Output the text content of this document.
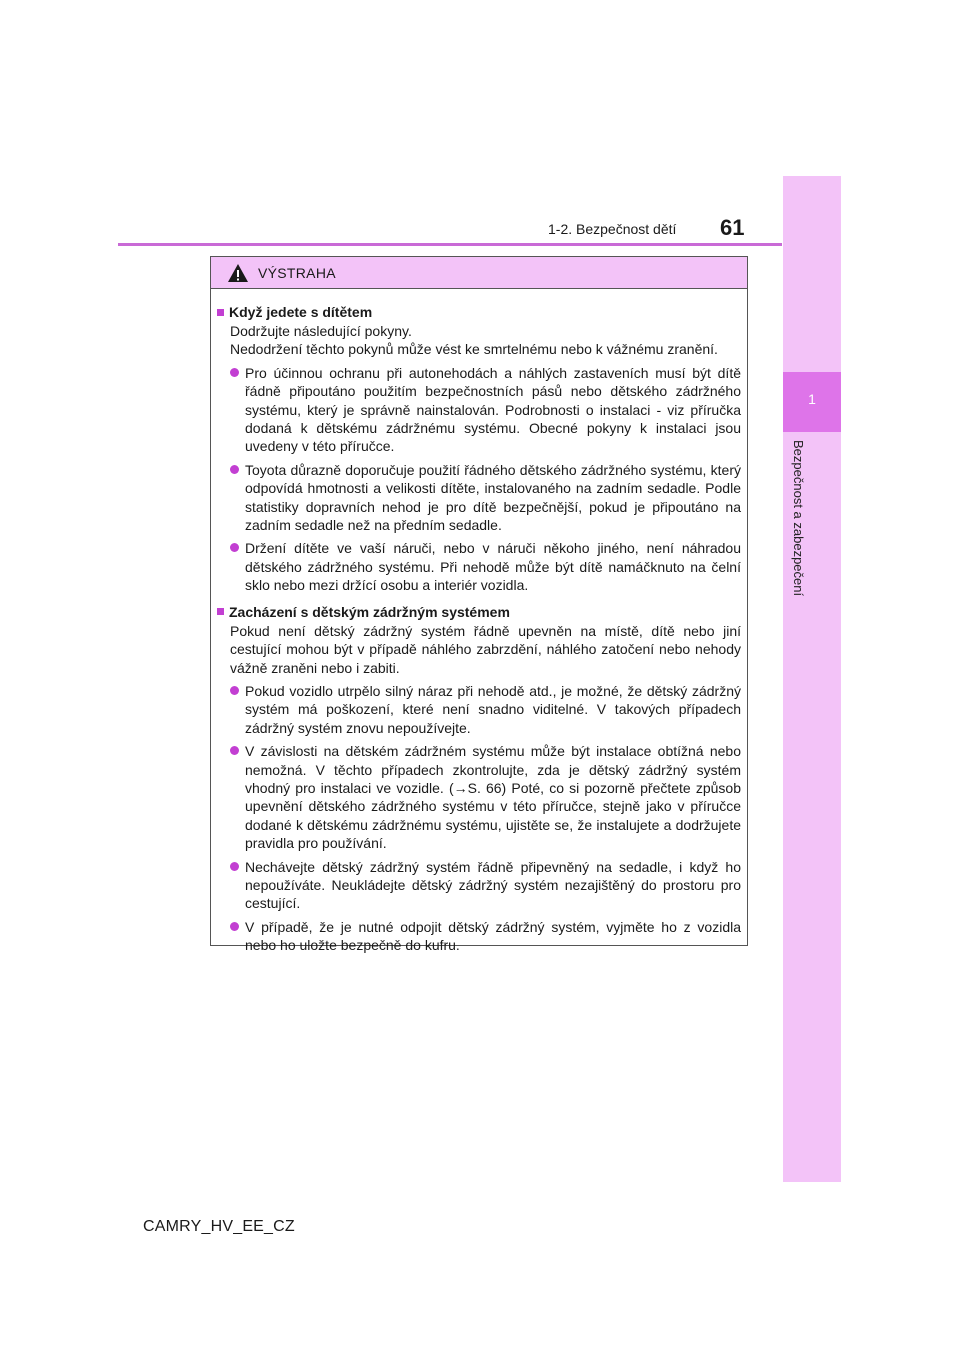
1-2. Bezpečnost dětí 61
1
Bezpečnost a zabezpečení
VÝSTRAHA
Když jedete s dítětem
Dodržujte následující pokyny.
Nedodržení těchto pokynů může vést ke smrtelnému nebo k vážnému zranění.
Pro účinnou ochranu při autonehodách a náhlých zastaveních musí být dítě řádně připoutáno použitím bezpečnostních pásů nebo dětského zádržného systému, který je správně nainstalován. Podrobnosti o instalaci - viz příručka dodaná k dětskému zádržnému systému. Obecné pokyny k instalaci jsou uvedeny v této příručce.
Toyota důrazně doporučuje použití řádného dětského zádržného systému, který odpovídá hmotnosti a velikosti dítěte, instalovaného na zadním sedadle. Podle statistiky dopravních nehod je pro dítě bezpečnější, pokud je připoutáno na zadním sedadle než na předním sedadle.
Držení dítěte ve vaší náruči, nebo v náruči někoho jiného, není náhradou dětského zádržného systému. Při nehodě může být dítě namáčknuto na čelní sklo nebo mezi držící osobu a interiér vozidla.
Zacházení s dětským zádržným systémem
Pokud není dětský zádržný systém řádně upevněn na místě, dítě nebo jiní cestující mohou být v případě náhlého zabrzdění, náhlého zatočení nebo nehody vážně zraněni nebo i zabiti.
Pokud vozidlo utrpělo silný náraz při nehodě atd., je možné, že dětský zádržný systém má poškození, které není snadno viditelné. V takových případech zádržný systém znovu nepoužívejte.
V závislosti na dětském zádržném systému může být instalace obtížná nebo nemožná. V těchto případech zkontrolujte, zda je dětský zádržný systém vhodný pro instalaci ve vozidle. (→S. 66) Poté, co si pozorně přečtete způsob upevnění dětského zádržného systému v této příručce, stejně jako v příručce dodané k dětskému zádržnému systému, ujistěte se, že instalujete a dodržujete pravidla pro používání.
Nechávejte dětský zádržný systém řádně připevněný na sedadle, i když ho nepoužíváte. Neukládejte dětský zádržný systém nezajištěný do prostoru pro cestující.
V případě, že je nutné odpojit dětský zádržný systém, vyjměte ho z vozidla nebo ho uložte bezpečně do kufru.
CAMRY_HV_EE_CZ
